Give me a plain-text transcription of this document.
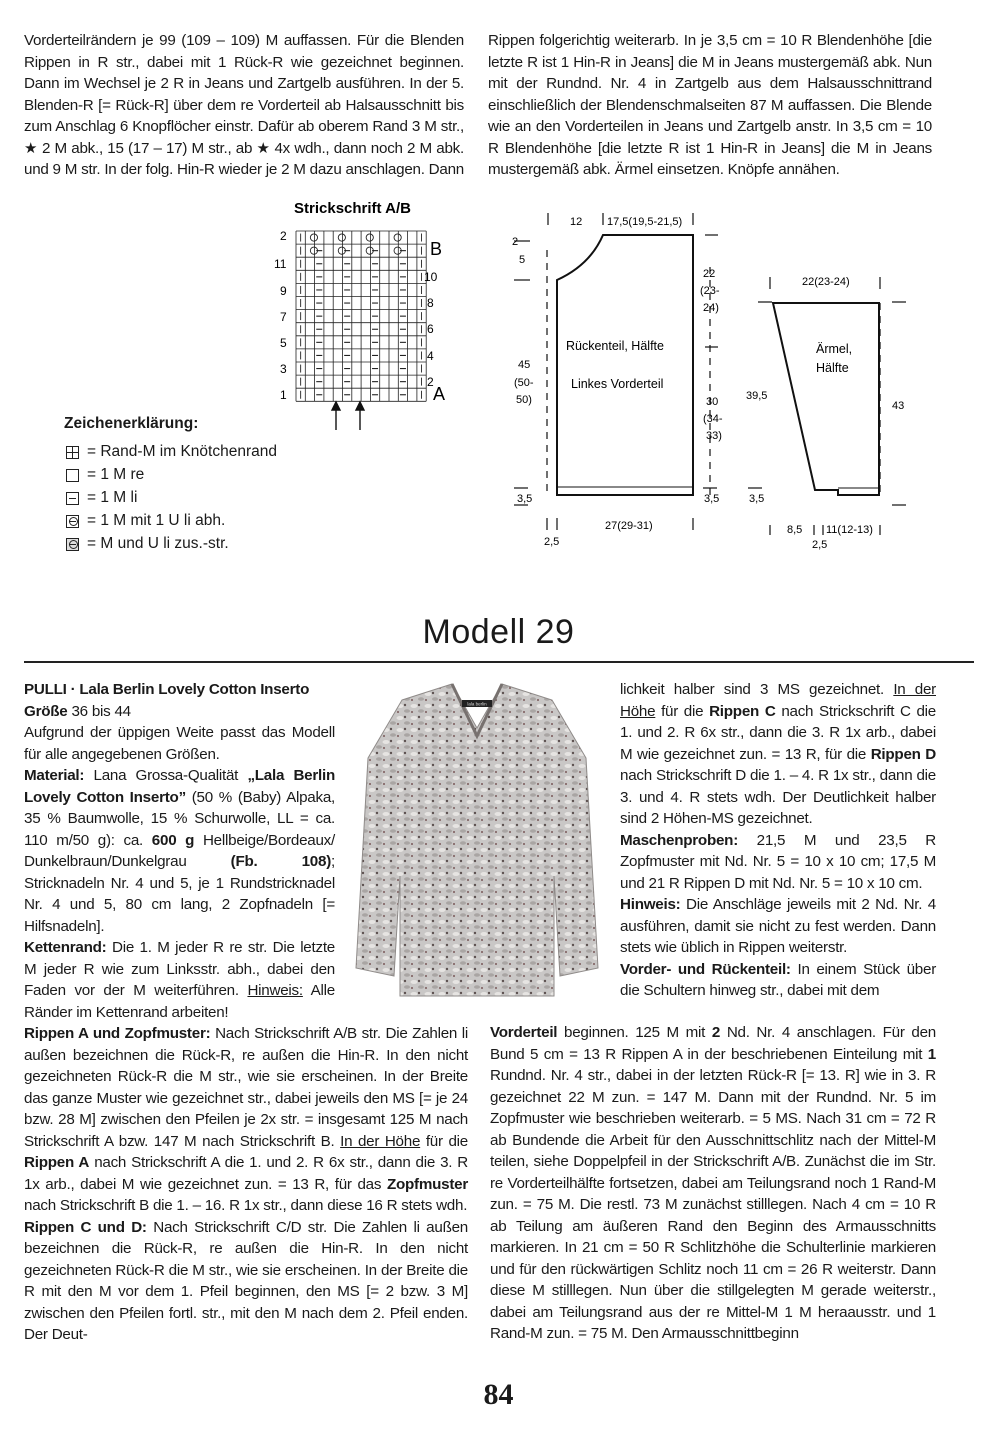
Vorderteilrändern je 99 (109 – 109) M auffassen. Für die Blenden Rippen in R str., dabei mit 1 Rück-R wie gezeichnet beginnen. Dann im Wechsel je 2 R in Jeans und Zartgelb ausführen. In der 5. Blenden-R [= Rück-R] über dem re Vorderteil ab Halsausschnitt bis zum Anschlag 6 Knopflöcher einstr. Dafür ab oberem Rand 3 M str., ★ 2 M abk., 15 (17 – 17) M str., ab ★ 4x wdh., dann noch 2 M abk. und 9 M str. In der folg. Hin-R wieder je 2 M dazu anschlagen. Dann

Rippen folgerichtig weiterarb. In je 3,5 cm = 10 R Blendenhöhe [die letzte R ist 1 Hin-R in Jeans] die M in Jeans mustergemäß abk. Nun mit der Rundnd. Nr. 4 in Zartgelb aus dem Halsausschnittrand einschließlich der Blendenschmalseiten 87 M auffassen. Die Blende wie an den Vorderteilen in Jeans und Zartgelb anstr. In 3,5 cm = 10 R Blendenhöhe [die letzte R ist 1 Hin-R in Jeans] die M in Jeans mustergemäß abk. Ärmel einsetzen. Knöpfe annähen.

Strickschrift A/B
2
11
9
7
5
3
1
B
10
8
6
4
2
A
Zeichenerklärung:
= Rand-M im Knötchenrand
= 1 M re
= 1 M li
= 1 M mit 1 U li abh.
= M und U li zus.-str.
12 17,5(19,5-21,5)
2
5
45
(50-
50)
22
(23-
24)
30
(34-
33)
3,5	3,5
27(29-31)
2,5
Rückenteil, Hälfte
Linkes Vorderteil
22(23-24)
Ärmel,
Hälfte
39,5
43
3,5
8,5 11(12-13)
2,5
Modell 29
lala berlin

PULLI · Lala Berlin Lovely Cotton Inserto

Größe 36 bis 44

Aufgrund der üppigen Weite passt das Modell für alle angegebenen Größen.

Material: Lana Grossa-Qualität „Lala Berlin Lovely Cotton Inserto” (50 % (Baby) Alpaka, 35 % Baumwolle, 15 % Schurwolle, LL = ca. 110 m/50 g): ca. 600 g Hellbeige/Bordeaux/ Dunkelbraun/Dunkelgrau	(Fb. 108); Stricknadeln Nr. 4 und 5, je 1 Rundstricknadel Nr. 4 und 5, 80 cm lang, 2 Zopfnadeln [= Hilfsnadeln].

Kettenrand: Die 1. M jeder R re str. Die letzte M jeder R wie zum Linksstr. abh., dabei den Faden vor der M weiterführen. Hinweis: Alle Ränder im Kettenrand arbeiten!

Rippen A und Zopfmuster: Nach Strickschrift A/B str. Die Zahlen li außen bezeichnen die Rück-R, re außen die Hin-R. In den nicht gezeichneten Rück-R die M str., wie sie erscheinen. In der Breite das ganze Muster wie gezeichnet str., dabei jeweils den MS [= je 24 bzw. 28 M] zwischen den Pfeilen je 2x str. = insgesamt 125 M nach Strickschrift A bzw. 147 M nach Strickschrift B. In der Höhe für die Rippen A nach Strickschrift A die 1. und 2. R 6x str., dann die 3. R 1x arb., dabei M wie gezeichnet zun. = 13 R, für das Zopfmuster nach Strickschrift B die 1. – 16. R 1x str., dann diese 16 R stets wdh.

Rippen C und D: Nach Strickschrift C/D str. Die Zahlen li außen bezeichnen die Rück-R, re außen die Hin-R. In den nicht gezeichneten Rück-R die M str., wie sie erscheinen. In der Breite die R mit den M vor dem 1. Pfeil beginnen, den MS [= 2 bzw. 3 M] zwischen den Pfeilen fortl. str., mit den M nach dem 2. Pfeil enden. Der Deut-

lichkeit halber sind 3 MS gezeichnet. In der Höhe für die Rippen C nach Strickschrift C die 1. und 2. R 6x str., dann die 3. R 1x arb., dabei M wie gezeichnet zun. = 13 R, für die Rippen D nach Strickschrift D die 1. – 4. R 1x str., dann die 3. und 4. R stets wdh. Der Deutlichkeit halber sind 2 Höhen-MS gezeichnet.

Maschenproben: 21,5 M und 23,5 R Zopfmuster mit Nd. Nr. 5 = 10 x 10 cm; 17,5 M und 21 R Rippen D mit Nd. Nr. 5 = 10 x 10 cm.

Hinweis: Die Anschläge jeweils mit 2 Nd. Nr. 4 ausführen, damit sie nicht zu fest werden. Dann stets wie üblich in Rippen weiterstr.

Vorder- und Rückenteil: In einem Stück über die Schultern hinweg str., dabei mit dem

Vorderteil beginnen. 125 M mit 2 Nd. Nr. 4 anschlagen. Für den Bund 5 cm = 13 R Rippen A in der beschriebenen Einteilung mit 1 Rundnd. Nr. 4 str., dabei in der letzten Rück-R [= 13. R] wie in 3. R gezeichnet 22 M zun. = 147 M. Dann mit der Rundnd. Nr. 5 im Zopfmuster wie beschrieben weiterarb. = 5 MS. Nach 31 cm = 72 R ab Bundende die Arbeit für den Ausschnittschlitz nach der Mittel-M teilen, siehe Doppelpfeil in der Strickschrift A/B. Zunächst die im Str. re Vorderteilhälfte fortsetzen, dabei am Teilungsrand noch 1 Rand-M zun. = 75 M. Die restl. 73 M zunächst stilllegen. Nach 4 cm = 10 R ab Teilung am äußeren Rand den Beginn des Armausschnitts markieren. In 21 cm = 50 R Schlitzhöhe die Schulterlinie markieren und für den rückwärtigen Schlitz noch 11 cm = 26 R weiterstr. Dann diese M stilllegen. Nun über die stillgelegten M gerade weiterstr., dabei am Teilungsrand aus der re Mittel-M 1 M heraausstr. und 1 Rand-M zun. = 75 M. Den Armausschnittbeginn

84
